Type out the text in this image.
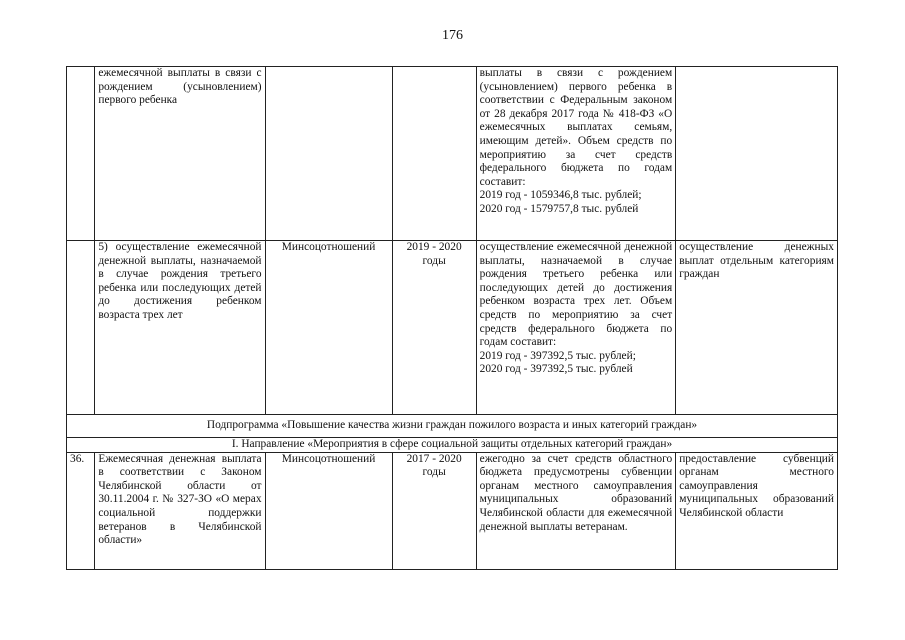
176
	ежемесячной выплаты в связи с рождением (усыновлением) первого ребенка			выплаты в связи с рождением (усыновлением) первого ребенка в соответствии с Федеральным законом от 28 декабря 2017 года № 418-ФЗ «О ежемесячных выплатах семьям, имеющим детей». Объем средств по мероприятию за счет средств федерального бюджета по годам составит:
2019 год - 1059346,8 тыс. рублей;
2020 год - 1579757,8 тыс. рублей	

	5) осуществление ежемесячной денежной выплаты, назначаемой в случае рождения третьего ребенка или последующих детей до достижения ребенком возраста трех лет	Минсоцотношений	2019 - 2020 годы	осуществление ежемесячной денежной выплаты, назначаемой в случае рождения третьего ребенка или последующих детей до достижения ребенком возраста трех лет. Объем средств по мероприятию за счет средств федерального бюджета по годам составит:
2019 год - 397392,5 тыс. рублей;
2020 год - 397392,5 тыс. рублей	осуществление денежных выплат отдельным категориям граждан
Подпрограмма «Повышение качества жизни граждан пожилого возраста и иных категорий граждан»					
I. Направление «Мероприятия в сфере социальной защиты отдельных категорий граждан»					
36.	Ежемесячная денежная выплата в соответствии с Законом Челябинской области от 30.11.2004 г. № 327-ЗО «О мерах социальной поддержки ветеранов в Челябинской области»	Минсоцотношений	2017 - 2020 годы	ежегодно за счет средств областного бюджета предусмотрены субвенции органам местного самоуправления муниципальных образований Челябинской области для ежемесячной денежной выплаты ветеранам.	предоставление субвенций органам местного самоуправления муниципальных образований Челябинской области
